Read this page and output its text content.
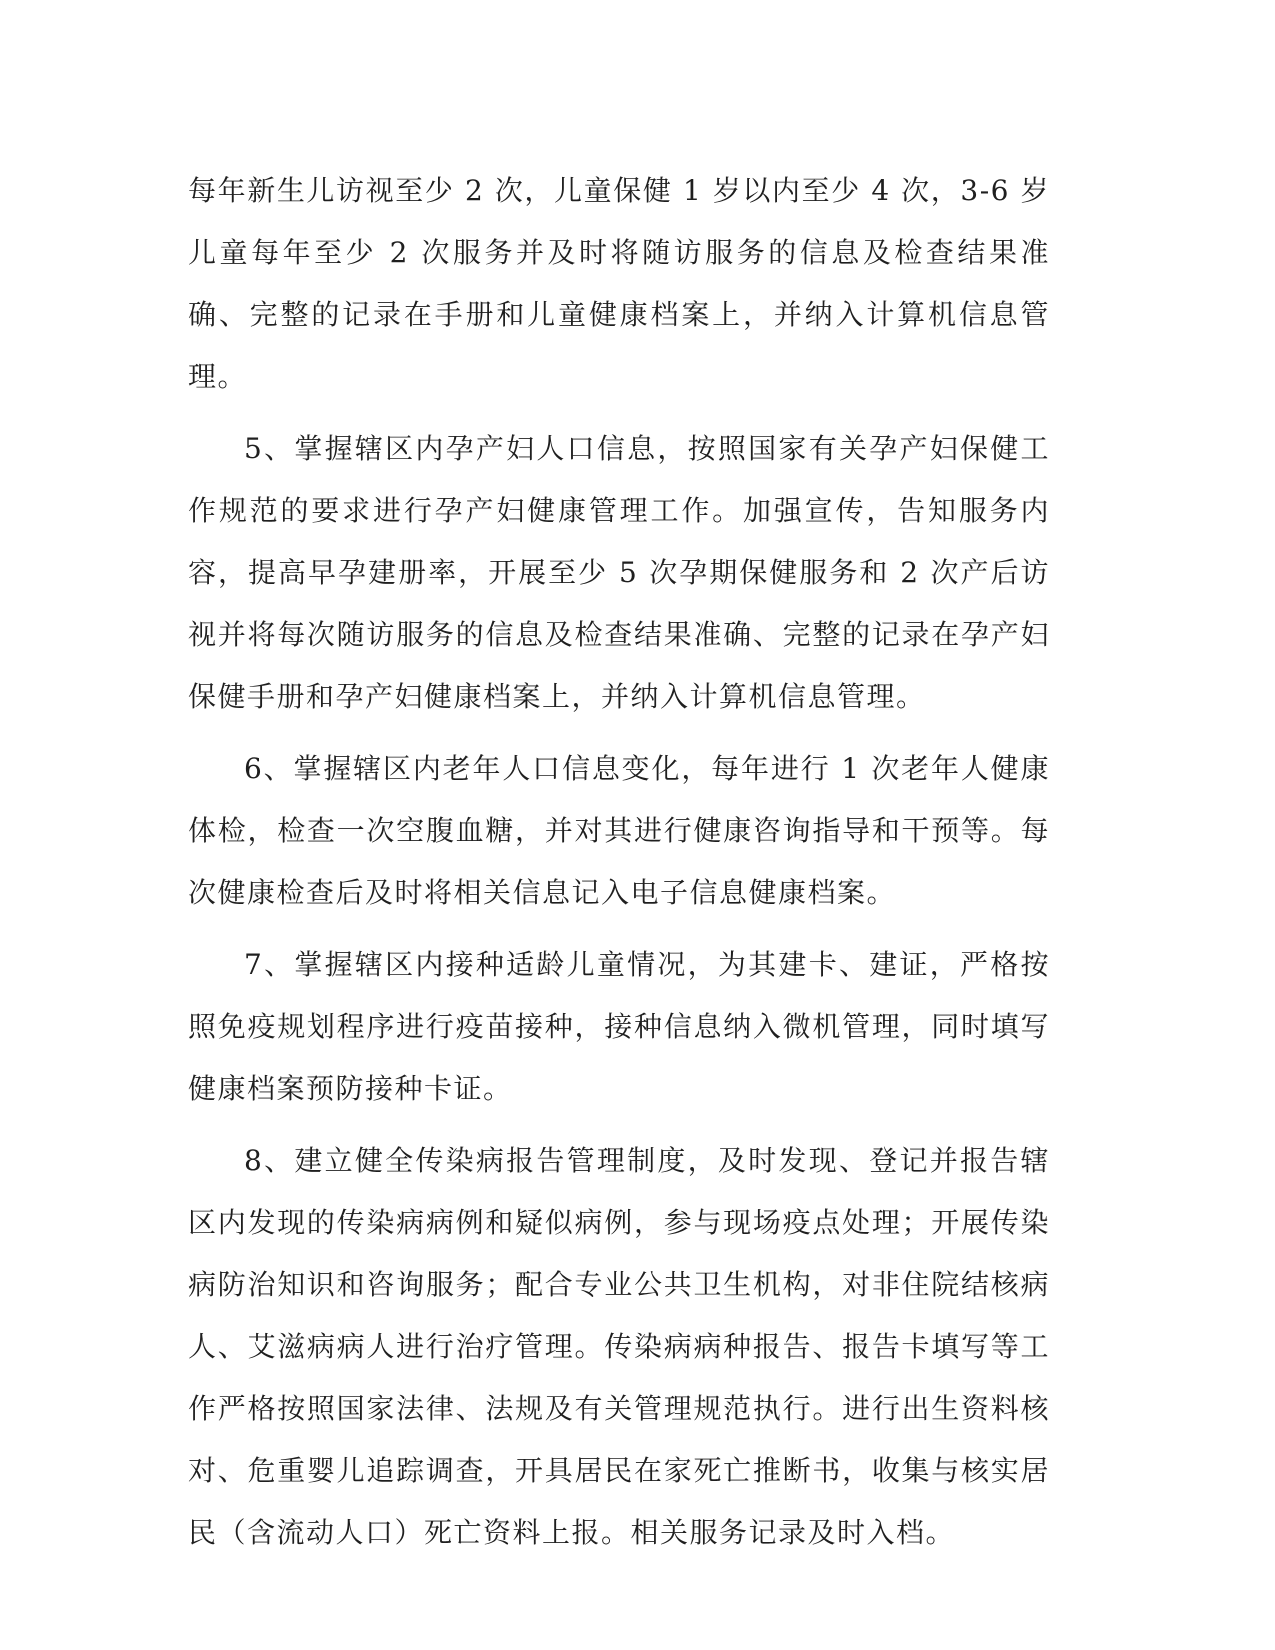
每年新生儿访视至少 2 次，儿童保健 1 岁以内至少 4 次，3-6 岁儿童每年至少 2 次服务并及时将随访服务的信息及检查结果准确、完整的记录在手册和儿童健康档案上，并纳入计算机信息管理。

5、掌握辖区内孕产妇人口信息，按照国家有关孕产妇保健工作规范的要求进行孕产妇健康管理工作。加强宣传，告知服务内容，提高早孕建册率，开展至少 5 次孕期保健服务和 2 次产后访视并将每次随访服务的信息及检查结果准确、完整的记录在孕产妇保健手册和孕产妇健康档案上，并纳入计算机信息管理。

6、掌握辖区内老年人口信息变化，每年进行 1 次老年人健康体检，检查一次空腹血糖，并对其进行健康咨询指导和干预等。每次健康检查后及时将相关信息记入电子信息健康档案。

7、掌握辖区内接种适龄儿童情况，为其建卡、建证，严格按照免疫规划程序进行疫苗接种，接种信息纳入微机管理，同时填写健康档案预防接种卡证。

8、建立健全传染病报告管理制度，及时发现、登记并报告辖区内发现的传染病病例和疑似病例，参与现场疫点处理；开展传染病防治知识和咨询服务；配合专业公共卫生机构，对非住院结核病人、艾滋病病人进行治疗管理。传染病病种报告、报告卡填写等工作严格按照国家法律、法规及有关管理规范执行。进行出生资料核对、危重婴儿追踪调查，开具居民在家死亡推断书，收集与核实居民（含流动人口）死亡资料上报。相关服务记录及时入档。
